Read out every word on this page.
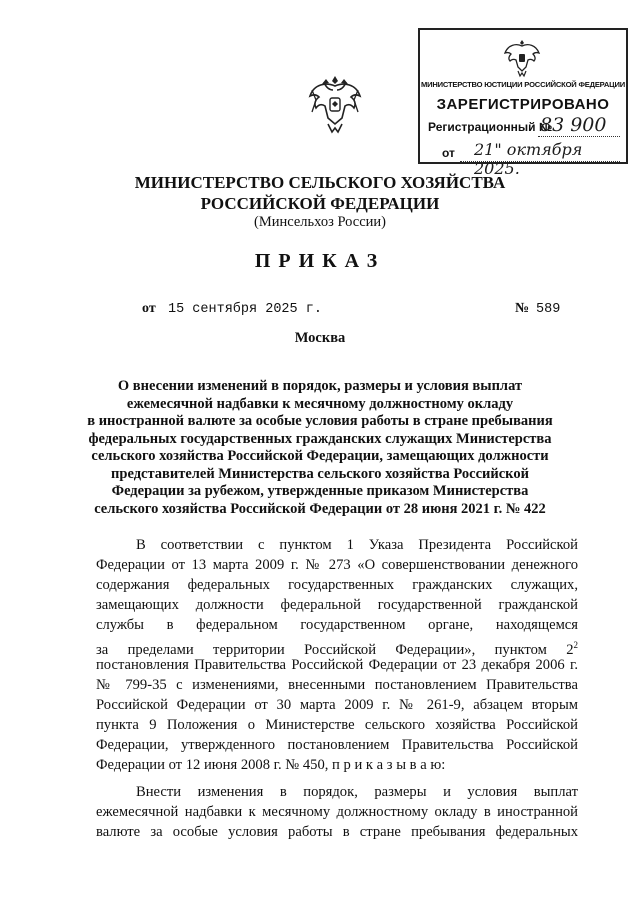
МИНИСТЕРСТВО ЮСТИЦИИ РОССИЙСКОЙ ФЕДЕРАЦИИ
ЗАРЕГИСТРИРОВАНО
Регистрационный №
83 900
от 21" октября 2025.
МИНИСТЕРСТВО СЕЛЬСКОГО ХОЗЯЙСТВА
РОССИЙСКОЙ ФЕДЕРАЦИИ
(Минсельхоз России)
ПРИКАЗ
от 15 сентября 2025 г.	№ 589
Москва
О внесении изменений в порядок, размеры и условия выплат
ежемесячной надбавки к месячному должностному окладу
в иностранной валюте за особые условия работы в стране пребывания
федеральных государственных гражданских служащих Министерства
сельского хозяйства Российской Федерации, замещающих должности
представителей Министерства сельского хозяйства Российской
Федерации за рубежом, утвержденные приказом Министерства
сельского хозяйства Российской Федерации от 28 июня 2021 г. № 422
В соответствии с пунктом 1 Указа Президента Российской
Федерации от 13 марта 2009 г. № 273 «О совершенствовании денежного
содержания федеральных государственных гражданских служащих,
замещающих должности федеральной государственной гражданской
службы в федеральном государственном органе, находящемся
за пределами территории Российской Федерации», пунктом $2^2$
постановления Правительства Российской Федерации от 23 декабря 2006 г.
№ 799-35 с изменениями, внесенными постановлением Правительства
Российской Федерации от 30 марта 2009 г. № 261-9, абзацем вторым
пункта 9 Положения о Министерстве сельского хозяйства Российской
Федерации, утвержденного постановлением Правительства Российской
Федерации от 12 июня 2008 г. № 450, п р и к а з ы в а ю:
Внести изменения в порядок, размеры и условия выплат
ежемесячной надбавки к месячному должностному окладу в иностранной
валюте за особые условия работы в стране пребывания федеральных
